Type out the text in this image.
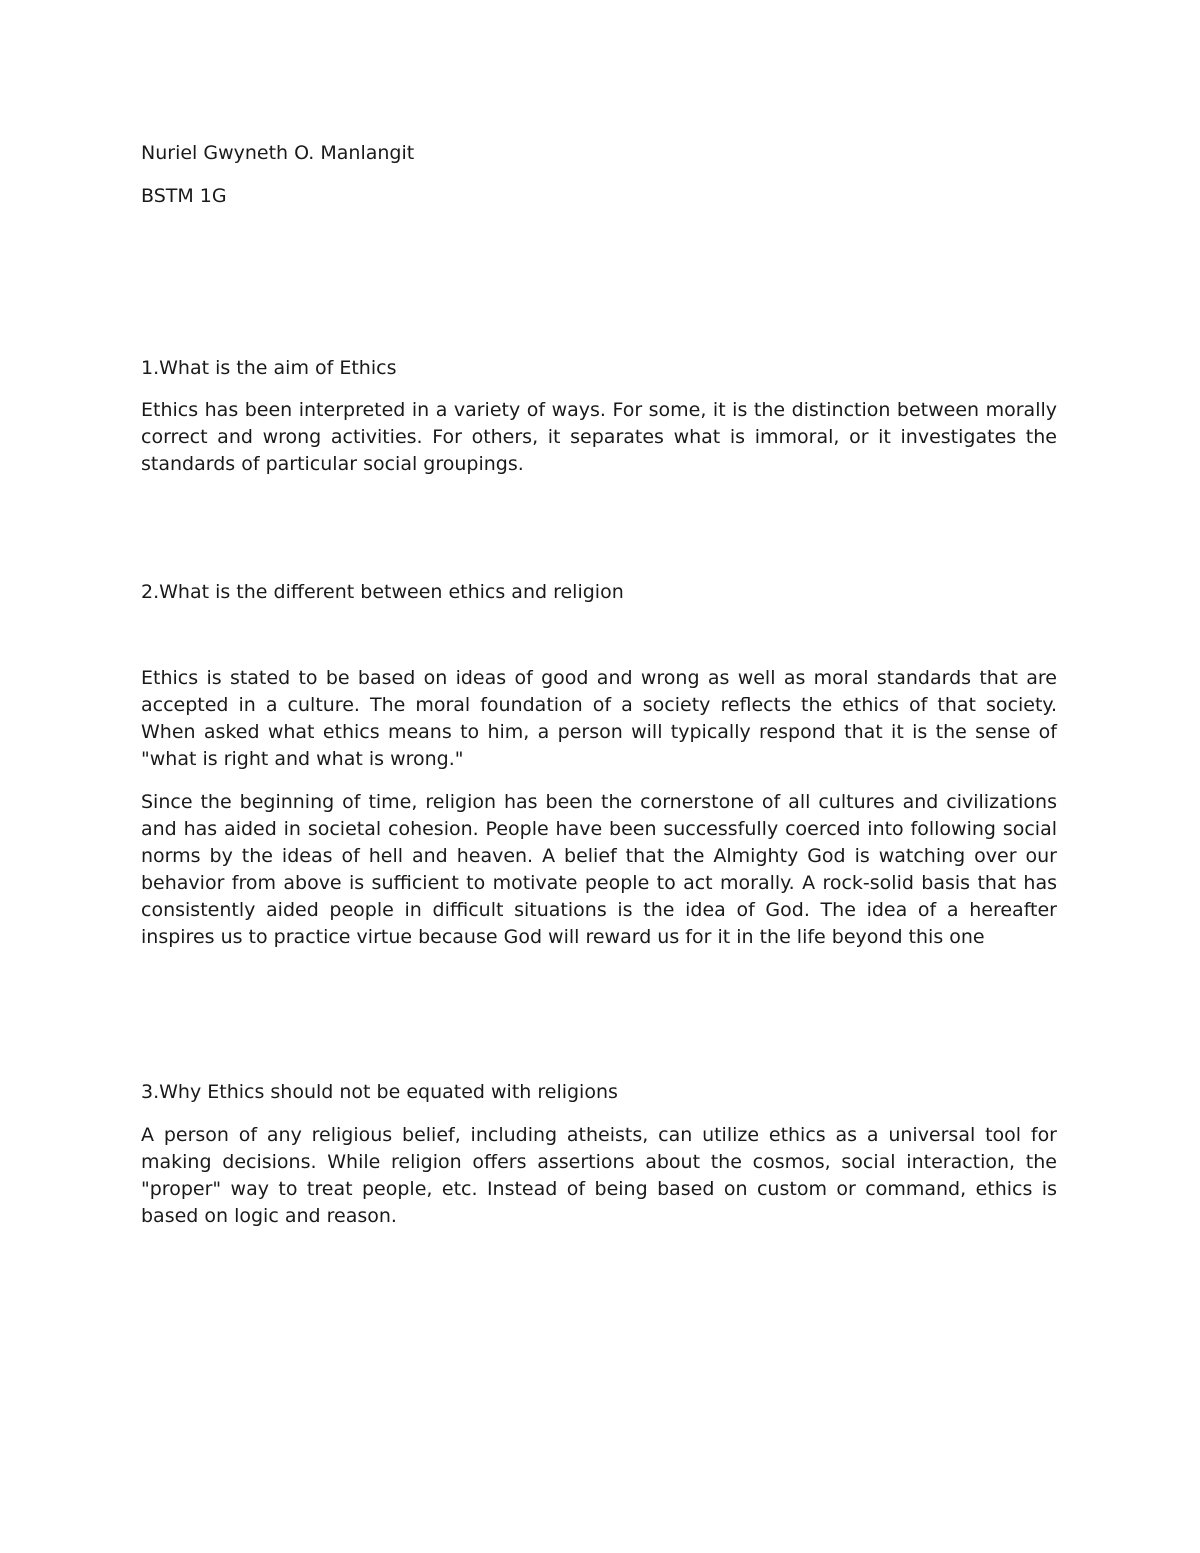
Nuriel Gwyneth O. Manlangit
BSTM 1G
1.What is the aim of Ethics

Ethics has been interpreted in a variety of ways. For some, it is the distinction between morally correct and wrong activities. For others, it separates what is immoral, or it investigates the standards of particular social groupings.

2.What is the different between ethics and religion

Ethics is stated to be based on ideas of good and wrong as well as moral standards that are accepted in a culture. The moral foundation of a society reflects the ethics of that society. When asked what ethics means to him, a person will typically respond that it is the sense of "what is right and what is wrong."

Since the beginning of time, religion has been the cornerstone of all cultures and civilizations and has aided in societal cohesion. People have been successfully coerced into following social norms by the ideas of hell and heaven. A belief that the Almighty God is watching over our behavior from above is sufficient to motivate people to act morally. A rock-solid basis that has consistently aided people in difficult situations is the idea of God. The idea of a hereafter inspires us to practice virtue because God will reward us for it in the life beyond this one

3.Why Ethics should not be equated with religions

A person of any religious belief, including atheists, can utilize ethics as a universal tool for making decisions. While religion offers assertions about the cosmos, social interaction, the "proper" way to treat people, etc. Instead of being based on custom or command, ethics is based on logic and reason.
